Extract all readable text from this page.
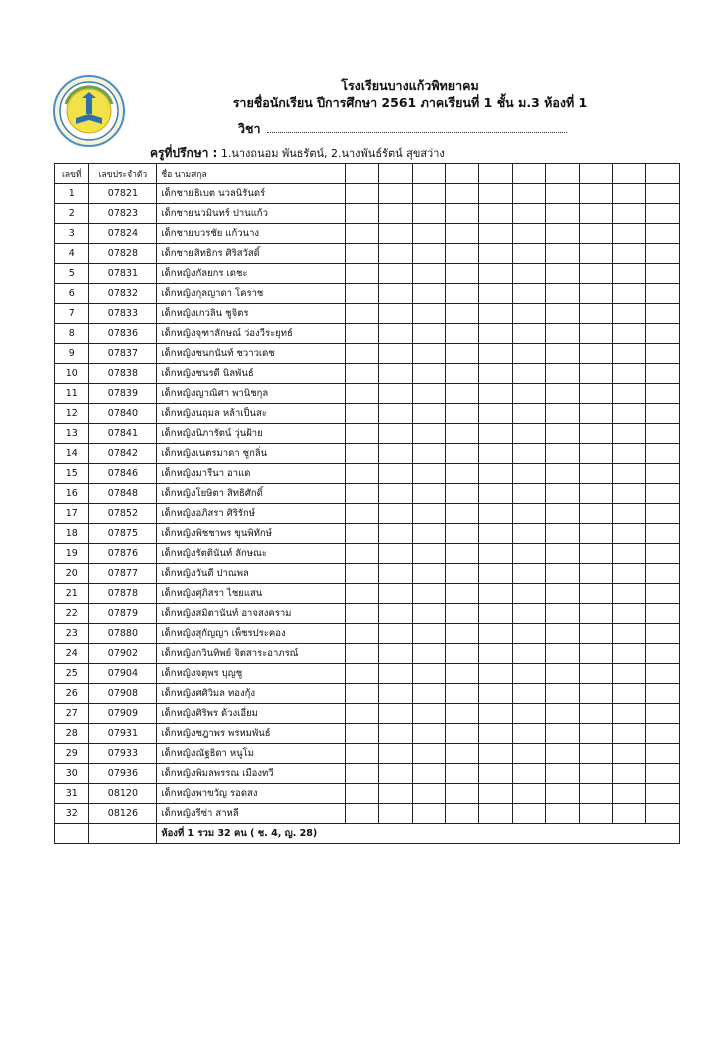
โรงเรียนบางแก้วพิทยาคม
รายชื่อนักเรียน ปีการศึกษา 2561 ภาคเรียนที่ 1 ชั้น ม.3 ห้องที่ 1
วิชา
ครูที่ปรึกษา : 1.นางถนอม พันธรัตน์, 2.นางพันธ์รัตน์ สุขสว่าง
เลขที่	เลขประจำตัว	ชื่อ นามสกุล										
1	07821	เด็กชายธิเบต นวลนิรันดร์										
2	07823	เด็กชายนวมินทร์ ปานแก้ว										
3	07824	เด็กชายบวรชัย แก้วนาง										
4	07828	เด็กชายสิทธิกร ศิริสวัสดิ์										
5	07831	เด็กหญิงกัลยกร เดชะ										
6	07832	เด็กหญิงกุลญาดา โคราช										
7	07833	เด็กหญิงเกวลิน ชูจิตร										
8	07836	เด็กหญิงจุฑาลักษณ์ ว่องวีระยุทธ์										
9	07837	เด็กหญิงชนกนันท์ ชวาวเดช										
10	07838	เด็กหญิงชนรดี นิลพันธ์										
11	07839	เด็กหญิงญาณิศา พานิชกุล										
12	07840	เด็กหญิงนฤมล หล้าเป็นสะ										
13	07841	เด็กหญิงนิภารัตน์ วุ่นฝ้าย										
14	07842	เด็กหญิงเนตรมาดา ชูกลิ่น										
15	07846	เด็กหญิงมารีนา อาแด										
16	07848	เด็กหญิงโยษิตา สิทธิศักดิ์										
17	07852	เด็กหญิงอภิสรา ศิริรักษ์										
18	07875	เด็กหญิงพิชชาพร ขุนพิทักษ์										
19	07876	เด็กหญิงรัตตินันท์ ลักษณะ										
20	07877	เด็กหญิงวันดี ปาณพล										
21	07878	เด็กหญิงศุภิสรา ไชยแสน										
22	07879	เด็กหญิงสมิตานันท์ อาจสงคราม										
23	07880	เด็กหญิงสุกัญญา เพ็ชรประคอง										
24	07902	เด็กหญิงกวินทิพย์ จิตสาระอาภรณ์										
25	07904	เด็กหญิงจตุพร บุญชู										
26	07908	เด็กหญิงศศิวิมล ทองกุ้ง										
27	07909	เด็กหญิงศิริพร ด้วงเอี่ยม										
28	07931	เด็กหญิงชฎาพร พรหมพันธ์										
29	07933	เด็กหญิงณัฐธิดา หนูโม										
30	07936	เด็กหญิงพิมลพรรณ เมืองทวี										
31	08120	เด็กหญิงพาขวัญ รอดสง										
32	08126	เด็กหญิงรีซ่า สาหลี										
		ห้องที่ 1 รวม 32 คน ( ช. 4, ญ. 28)										
